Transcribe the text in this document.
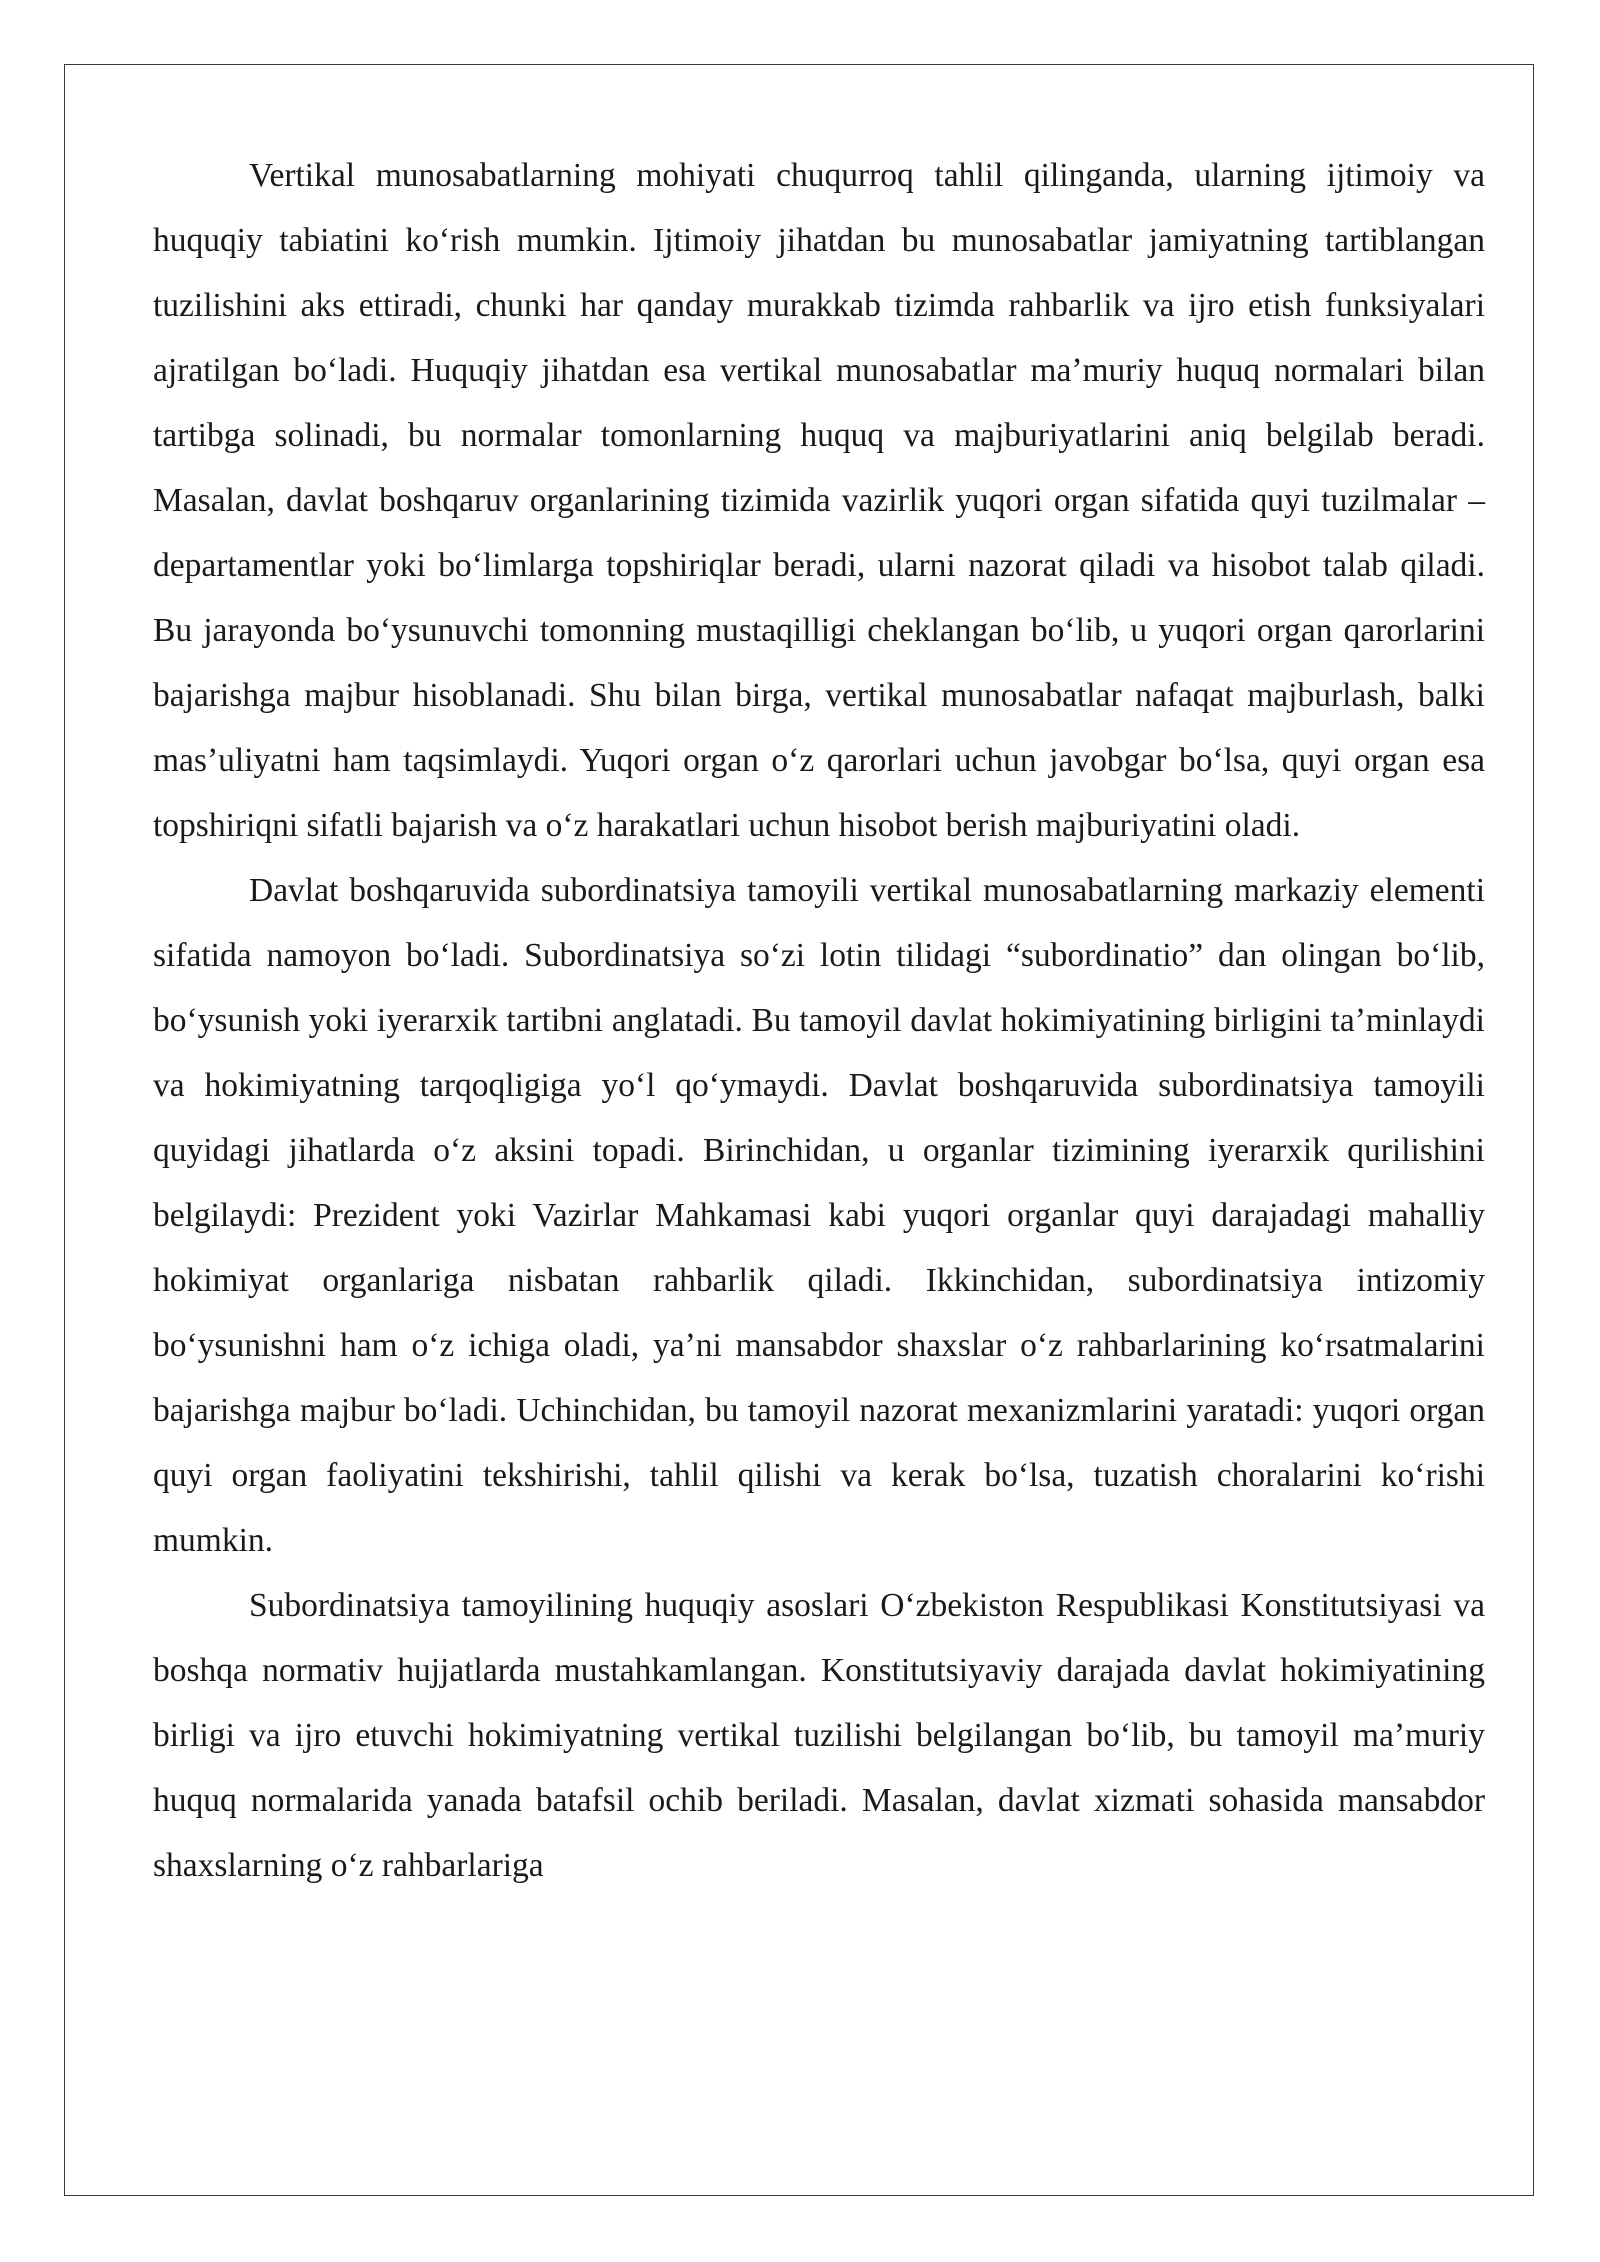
Vertikal munosabatlarning mohiyati chuqurroq tahlil qilinganda, ularning ijtimoiy va huquqiy tabiatini koʻrish mumkin. Ijtimoiy jihatdan bu munosabatlar jamiyatning tartiblangan tuzilishini aks ettiradi, chunki har qanday murakkab tizimda rahbarlik va ijro etish funksiyalari ajratilgan boʻladi. Huquqiy jihatdan esa vertikal munosabatlar maʼmuriy huquq normalari bilan tartibga solinadi, bu normalar tomonlarning huquq va majburiyatlarini aniq belgilab beradi. Masalan, davlat boshqaruv organlarining tizimida vazirlik yuqori organ sifatida quyi tuzilmalar – departamentlar yoki boʻlimlarga topshiriqlar beradi, ularni nazorat qiladi va hisobot talab qiladi. Bu jarayonda boʻysunuvchi tomonning mustaqilligi cheklangan boʻlib, u yuqori organ qarorlarini bajarishga majbur hisoblanadi. Shu bilan birga, vertikal munosabatlar nafaqat majburlash, balki masʼuliyatni ham taqsimlaydi. Yuqori organ oʻz qarorlari uchun javobgar boʻlsa, quyi organ esa topshiriqni sifatli bajarish va oʻz harakatlari uchun hisobot berish majburiyatini oladi.

Davlat boshqaruvida subordinatsiya tamoyili vertikal munosabatlarning markaziy elementi sifatida namoyon boʻladi. Subordinatsiya soʻzi lotin tilidagi “subordinatio” dan olingan boʻlib, boʻysunish yoki iyerarxik tartibni anglatadi. Bu tamoyil davlat hokimiyatining birligini taʼminlaydi va hokimiyatning tarqoqligiga yoʻl qoʻymaydi. Davlat boshqaruvida subordinatsiya tamoyili quyidagi jihatlarda oʻz aksini topadi. Birinchidan, u organlar tizimining iyerarxik qurilishini belgilaydi: Prezident yoki Vazirlar Mahkamasi kabi yuqori organlar quyi darajadagi mahalliy hokimiyat organlariga nisbatan rahbarlik qiladi. Ikkinchidan, subordinatsiya intizomiy boʻysunishni ham oʻz ichiga oladi, yaʼni mansabdor shaxslar oʻz rahbarlarining koʻrsatmalarini bajarishga majbur boʻladi. Uchinchidan, bu tamoyil nazorat mexanizmlarini yaratadi: yuqori organ quyi organ faoliyatini tekshirishi, tahlil qilishi va kerak boʻlsa, tuzatish choralarini koʻrishi mumkin.

Subordinatsiya tamoyilining huquqiy asoslari Oʻzbekiston Respublikasi Konstitutsiyasi va boshqa normativ hujjatlarda mustahkamlangan. Konstitutsiyaviy darajada davlat hokimiyatining birligi va ijro etuvchi hokimiyatning vertikal tuzilishi belgilangan boʻlib, bu tamoyil maʼmuriy huquq normalarida yanada batafsil ochib beriladi. Masalan, davlat xizmati sohasida mansabdor shaxslarning oʻz rahbarlariga
